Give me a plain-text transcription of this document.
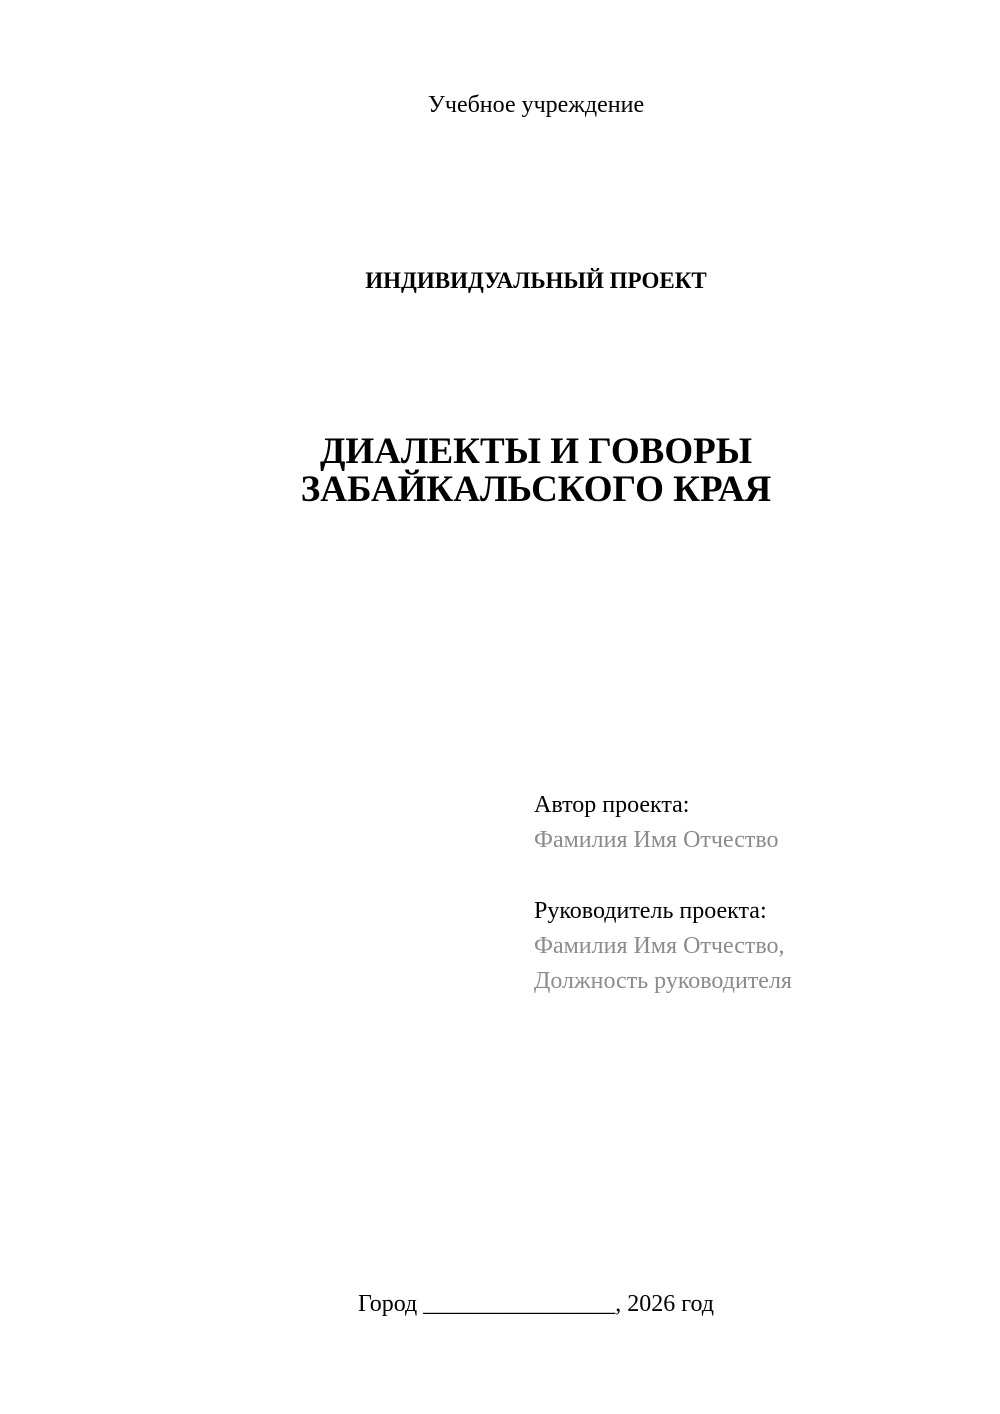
Учебное учреждение
ИНДИВИДУАЛЬНЫЙ ПРОЕКТ
ДИАЛЕКТЫ И ГОВОРЫ
ЗАБАЙКАЛЬСКОГО КРАЯ
Автор проекта:
Фамилия Имя Отчество
Руководитель проекта:
Фамилия Имя Отчество,
Должность руководителя
Город ________________, 2026 год
